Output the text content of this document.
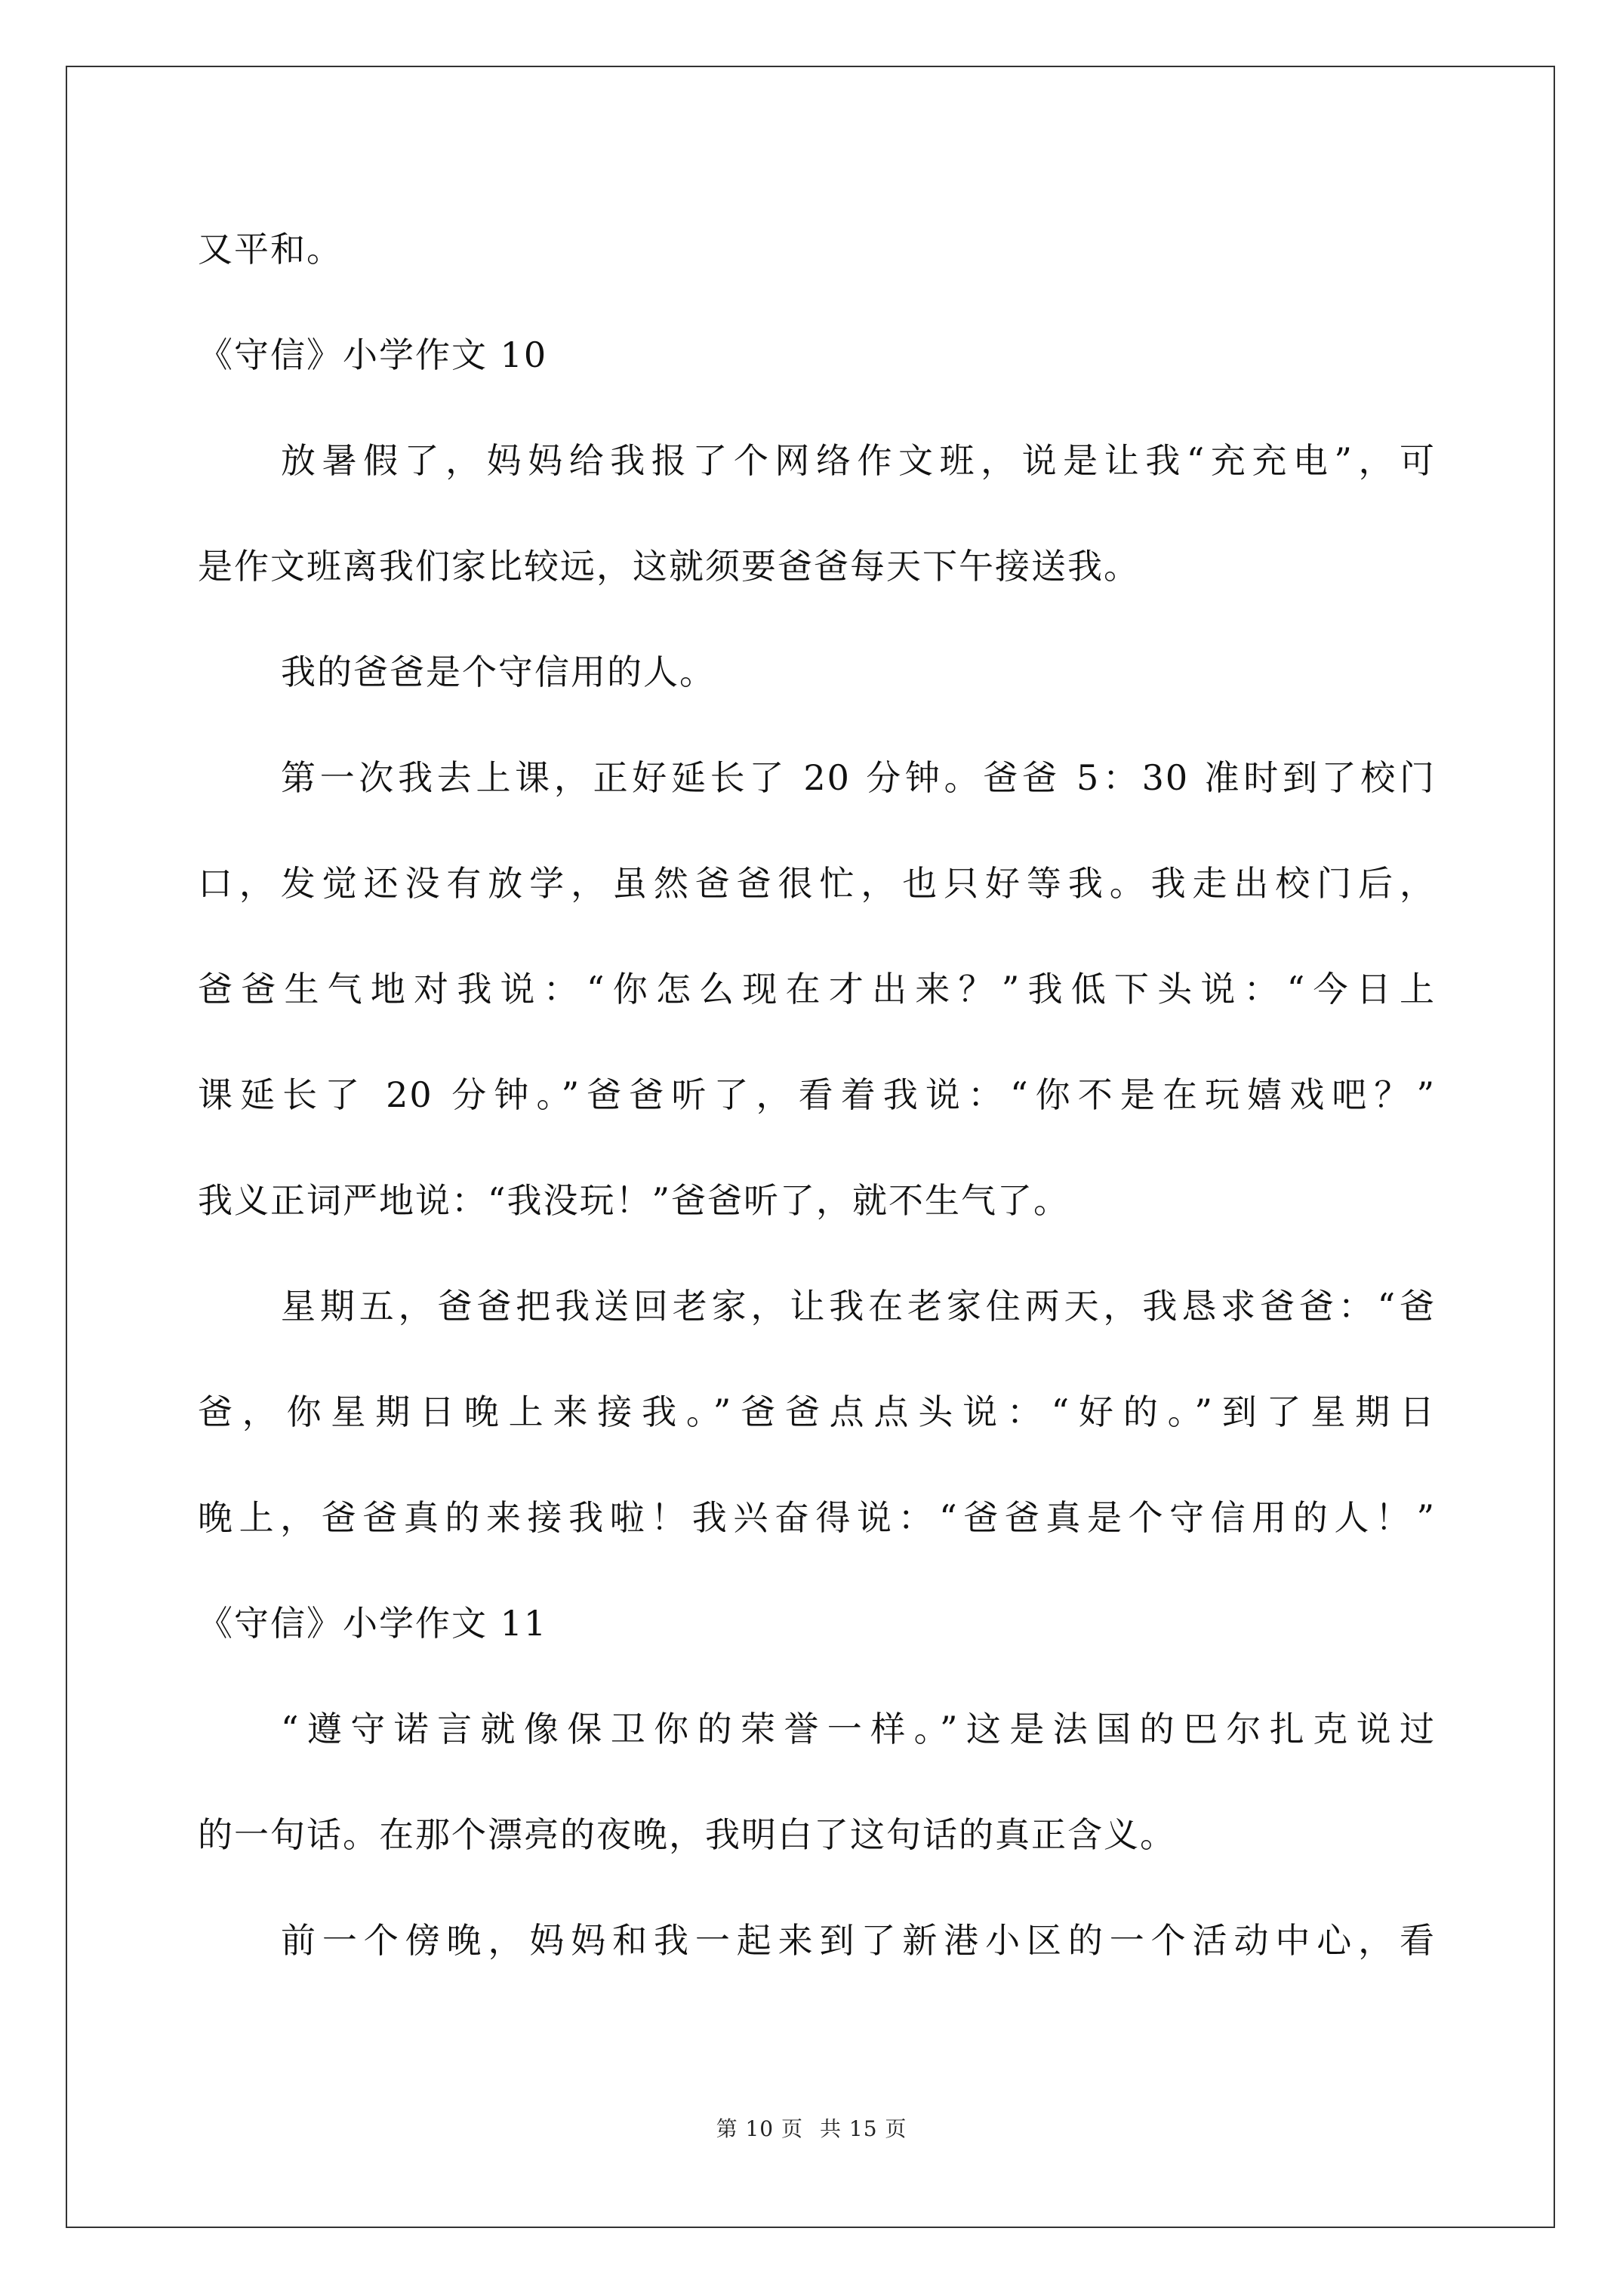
又平和。
《守信》小学作文 10
放暑假了，妈妈给我报了个网络作文班，说是让我“充充电”，可
是作文班离我们家比较远，这就须要爸爸每天下午接送我。
我的爸爸是个守信用的人。
第一次我去上课，正好延长了 20 分钟。爸爸 5：30 准时到了校门
口，发觉还没有放学，虽然爸爸很忙，也只好等我。我走出校门后，
爸爸生气地对我说：“你怎么现在才出来？”我低下头说：“今日上
课延长了 20 分钟。”爸爸听了，看着我说：“你不是在玩嬉戏吧？”
我义正词严地说：“我没玩！”爸爸听了，就不生气了。
星期五，爸爸把我送回老家，让我在老家住两天，我恳求爸爸：“爸
爸，你星期日晚上来接我。”爸爸点点头说：“好的。”到了星期日
晚上，爸爸真的来接我啦！我兴奋得说：“爸爸真是个守信用的人！”
《守信》小学作文 11
“遵守诺言就像保卫你的荣誉一样。”这是法国的巴尔扎克说过
的一句话。在那个漂亮的夜晚，我明白了这句话的真正含义。
前一个傍晚，妈妈和我一起来到了新港小区的一个活动中心，看
第 10 页 共 15 页
